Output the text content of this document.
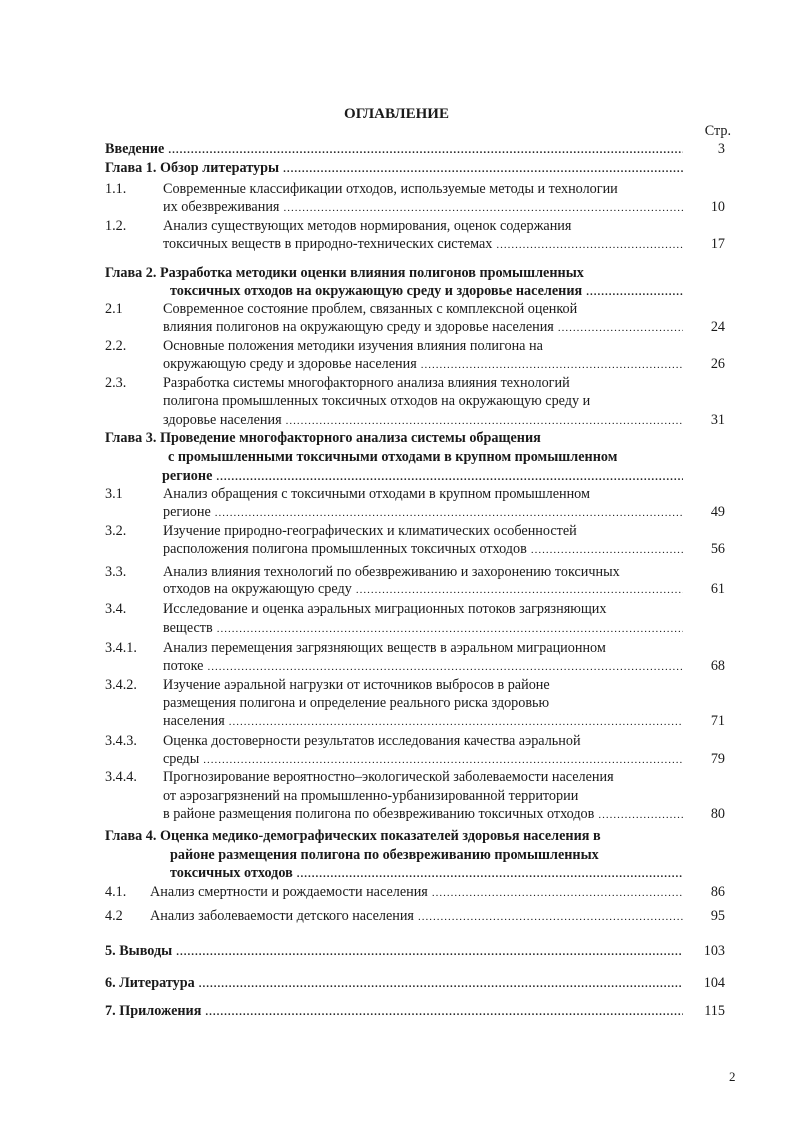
ОГЛАВЛЕНИЕ
Стр.
Введение .....	3
Глава 1. Обзор литературы
.....
1.1.	Современные классификации отходов, используемые методы и технологии
их обезвреживания .....	10
1.2.	Анализ существующих методов нормирования, оценок содержания
токсичных веществ в природно-технических системах .....	17
Глава 2. Разработка методики оценки влияния полигонов промышленных
токсичных отходов на окружающую среду и здоровье населения
.....
2.1	Современное состояние проблем, связанных с комплексной оценкой
влияния полигонов на окружающую среду и здоровье населения .....	24
2.2.	Основные положения методики изучения влияния полигона на
окружающую среду и здоровье населения .....	26
2.3.	Разработка системы многофакторного анализа влияния технологий
полигона промышленных токсичных отходов на окружающую среду и
здоровье населения .....	31
Глава 3. Проведение многофакторного анализа системы обращения
с промышленными токсичными отходами в крупном промышленном
регионе
.....
3.1	Анализ обращения с токсичными отходами в крупном промышленном
регионе .....	49
3.2.	Изучение природно-географических и климатических особенностей
расположения полигона промышленных токсичных отходов .....	56
3.3.	Анализ влияния технологий по обезвреживанию и захоронению токсичных
отходов на окружающую среду .....	61
3.4.	Исследование и оценка аэральных миграционных потоков загрязняющих
веществ
.....
3.4.1. Анализ перемещения загрязняющих веществ в аэральном миграционном
потоке .....	68
3.4.2. Изучение аэральной нагрузки от источников выбросов в районе
размещения полигона и определение реального риска здоровью
населения .....	71
3.4.3. Оценка достоверности результатов исследования качества аэральной
среды .....	79
3.4.4. Прогнозирование вероятностно–экологической заболеваемости населения
от аэрозагрязнений на промышленно-урбанизированной территории
в районе размещения полигона по обезвреживанию токсичных отходов .....	80
Глава 4. Оценка медико-демографических показателей здоровья населения в
районе размещения полигона по обезвреживанию промышленных
токсичных отходов
.....
4.1. Анализ смертности и рождаемости населения .....	86
4.2 Анализ заболеваемости детского населения .....	95
5. Выводы .....	103
6. Литература .....	104
7. Приложения .....	115
2
